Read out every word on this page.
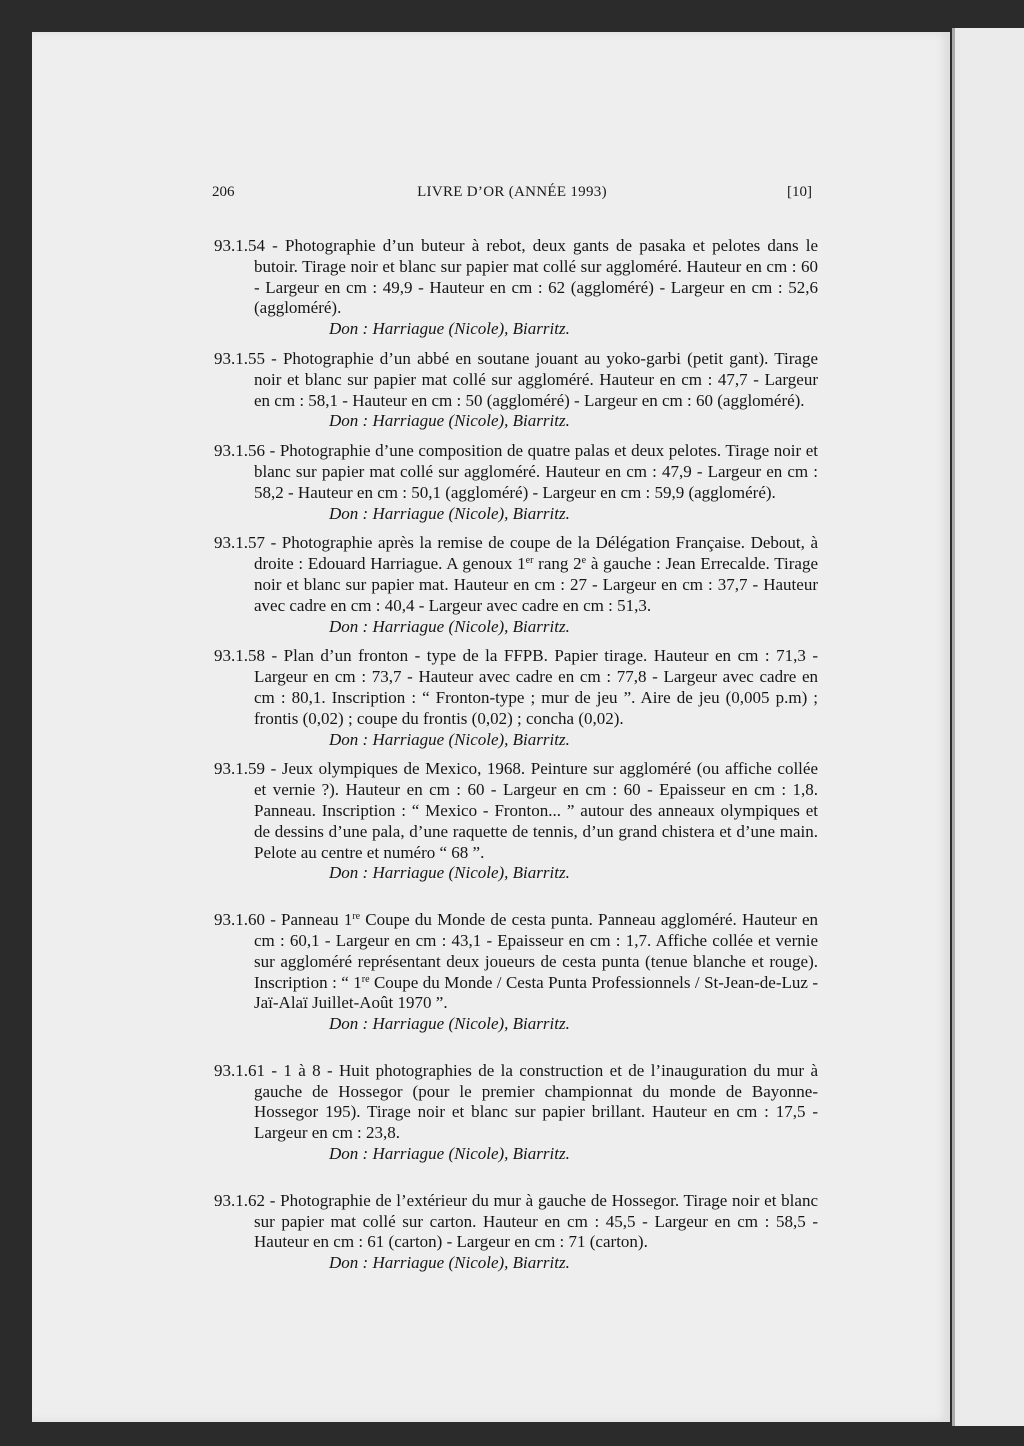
206	LIVRE D’OR (ANNÉE 1993)	[10]

93.1.54 - Photographie d’un buteur à rebot, deux gants de pasaka et pelotes dans le butoir. Tirage noir et blanc sur papier mat collé sur aggloméré. Hauteur en cm : 60 - Largeur en cm : 49,9 - Hauteur en cm : 62 (aggloméré) - Largeur en cm : 52,6 (aggloméré).

Don : Harriague (Nicole), Biarritz.

93.1.55 - Photographie d’un abbé en soutane jouant au yoko-garbi (petit gant). Tirage noir et blanc sur papier mat collé sur aggloméré. Hauteur en cm : 47,7 - Largeur en cm : 58,1 - Hauteur en cm : 50 (aggloméré) - Largeur en cm : 60 (aggloméré).

Don : Harriague (Nicole), Biarritz.

93.1.56 - Photographie d’une composition de quatre palas et deux pelotes. Tirage noir et blanc sur papier mat collé sur aggloméré. Hauteur en cm : 47,9 - Largeur en cm : 58,2 - Hauteur en cm : 50,1 (aggloméré) - Largeur en cm : 59,9 (aggloméré).

Don : Harriague (Nicole), Biarritz.

93.1.57 - Photographie après la remise de coupe de la Délégation Française. Debout, à droite : Edouard Harriague. A genoux 1er rang 2e à gauche : Jean Errecalde. Tirage noir et blanc sur papier mat. Hauteur en cm : 27 - Largeur en cm : 37,7 - Hauteur avec cadre en cm : 40,4 - Largeur avec cadre en cm : 51,3.

Don : Harriague (Nicole), Biarritz.

93.1.58 - Plan d’un fronton - type de la FFPB. Papier tirage. Hauteur en cm : 71,3 - Largeur en cm : 73,7 - Hauteur avec cadre en cm : 77,8 - Largeur avec cadre en cm : 80,1. Inscription : “ Fronton-type ; mur de jeu ”. Aire de jeu (0,005 p.m) ; frontis (0,02) ; coupe du frontis (0,02) ; concha (0,02).

Don : Harriague (Nicole), Biarritz.

93.1.59 - Jeux olympiques de Mexico, 1968. Peinture sur aggloméré (ou affiche collée et vernie ?). Hauteur en cm : 60 - Largeur en cm : 60 - Epaisseur en cm : 1,8. Panneau. Inscription : “ Mexico - Fronton... ” autour des anneaux olympiques et de dessins d’une pala, d’une raquette de tennis, d’un grand chistera et d’une main. Pelote au centre et numéro “ 68 ”.

Don : Harriague (Nicole), Biarritz.

93.1.60 - Panneau 1re Coupe du Monde de cesta punta. Panneau aggloméré. Hauteur en cm : 60,1 - Largeur en cm : 43,1 - Epaisseur en cm : 1,7. Affiche collée et vernie sur aggloméré représentant deux joueurs de cesta punta (tenue blanche et rouge). Inscription : “ 1re Coupe du Monde / Cesta Punta Professionnels / St-Jean-de-Luz - Jaï-Alaï Juillet-Août 1970 ”.

Don : Harriague (Nicole), Biarritz.

93.1.61 - 1 à 8 - Huit photographies de la construction et de l’inauguration du mur à gauche de Hossegor (pour le premier championnat du monde de Bayonne-Hossegor 195). Tirage noir et blanc sur papier brillant. Hauteur en cm : 17,5 - Largeur en cm : 23,8.

Don : Harriague (Nicole), Biarritz.

93.1.62 - Photographie de l’extérieur du mur à gauche de Hossegor. Tirage noir et blanc sur papier mat collé sur carton. Hauteur en cm : 45,5 - Largeur en cm : 58,5 - Hauteur en cm : 61 (carton) - Largeur en cm : 71 (carton).

Don : Harriague (Nicole), Biarritz.
